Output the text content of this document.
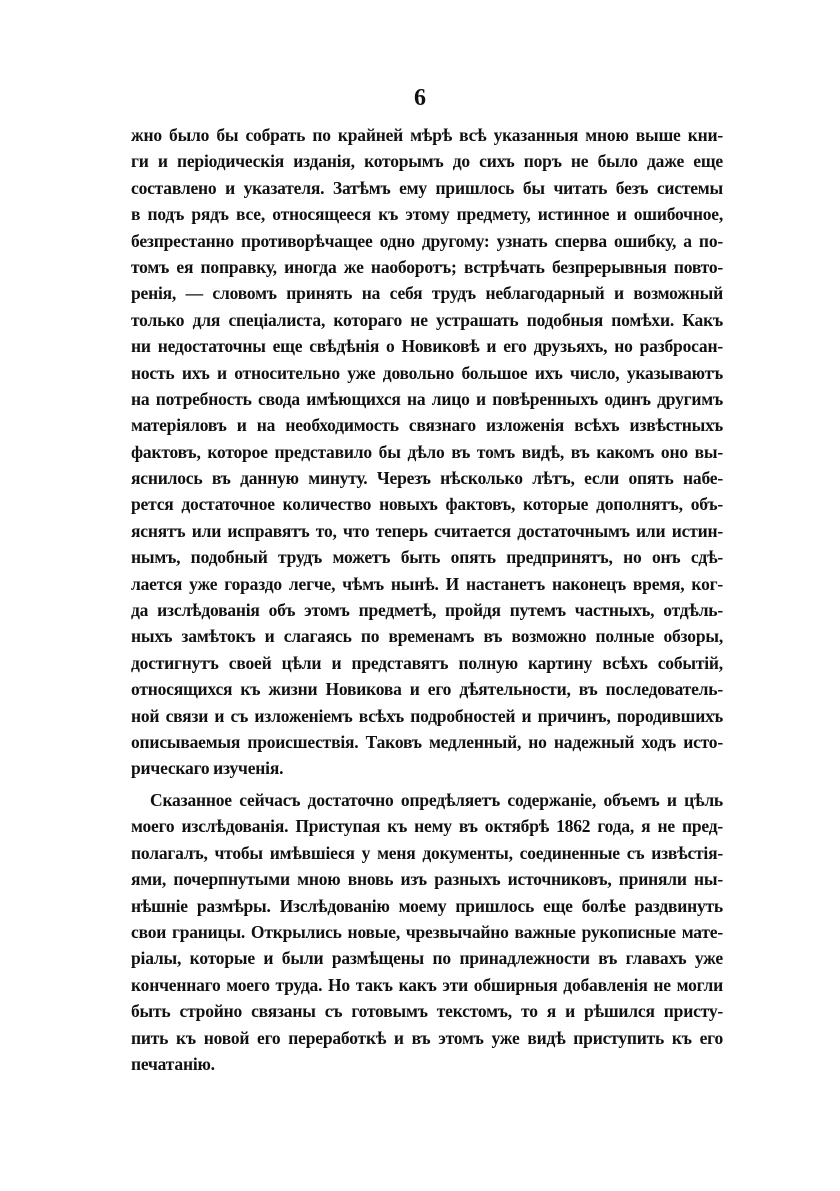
6
жно было бы собрать по крайней мѣрѣ всѣ указанныя мною выше кни-
ги и періодическія изданія, которымъ до сихъ поръ не было даже еще
составлено и указателя. Затѣмъ ему пришлось бы читать безъ системы
в подъ рядъ все, относящееся къ этому предмету, истинное и ошибочное,
безпрестанно противорѣчащее одно другому: узнать сперва ошибку, а по-
томъ ея поправку, иногда же наоборотъ; встрѣчать безпрерывныя повто-
ренія, — словомъ принять на себя трудъ неблагодарный и возможный
только для спеціалиста, котораго не устрашать подобныя помѣхи. Какъ
ни недостаточны еще свѣдѣнія о Новиковѣ и его друзьяхъ, но разбросан-
ность ихъ и относительно уже довольно большое ихъ число, указываютъ
на потребность свода имѣющихся на лицо и повѣренныхъ одинъ другимъ
матеріяловъ и на необходимость связнаго изложенія всѣхъ извѣстныхъ
фактовъ, которое представило бы дѣло въ томъ видѣ, въ какомъ оно вы-
яснилось въ данную минуту. Черезъ нѣсколько лѣтъ, если опять набе-
рется достаточное количество новыхъ фактовъ, которые дополнятъ, объ-
яснятъ или исправятъ то, что теперь считается достаточнымъ или истин-
нымъ, подобный трудъ можетъ быть опять предпринятъ, но онъ сдѣ-
лается уже гораздо легче, чѣмъ нынѣ. И настанетъ наконецъ время, ког-
да изслѣдованія объ этомъ предметѣ, пройдя путемъ частныхъ, отдѣль-
ныхъ замѣтокъ и слагаясь по временамъ въ возможно полные обзоры,
достигнутъ своей цѣли и представятъ полную картину всѣхъ событій,
относящихся къ жизни Новикова и его дѣятельности, въ последователь-
ной связи и съ изложеніемъ всѣхъ подробностей и причинъ, породившихъ
описываемыя происшествія. Таковъ медленный, но надежный ходъ исто-
рическаго изученія.
Сказанное сейчасъ достаточно опредѣляетъ содержаніе, объемъ и цѣль
моего изслѣдованія. Приступая къ нему въ октябрѣ 1862 года, я не пред-
полагалъ, чтобы имѣвшіеся у меня документы, соединенные съ извѣстія-
ями, почерпнутыми мною вновь изъ разныхъ источниковъ, приняли ны-
нѣшніе размѣры. Изслѣдованію моему пришлось еще болѣе раздвинуть
свои границы. Открылись новые, чрезвычайно важные рукописные мате-
ріалы, которые и были размѣщены по принадлежности въ главахъ уже
конченнаго моего труда. Но такъ какъ эти обширныя добавленія не могли
быть стройно связаны съ готовымъ текстомъ, то я и рѣшился присту-
пить къ новой его переработкѣ и въ этомъ уже видѣ приступить къ его
печатанію.
